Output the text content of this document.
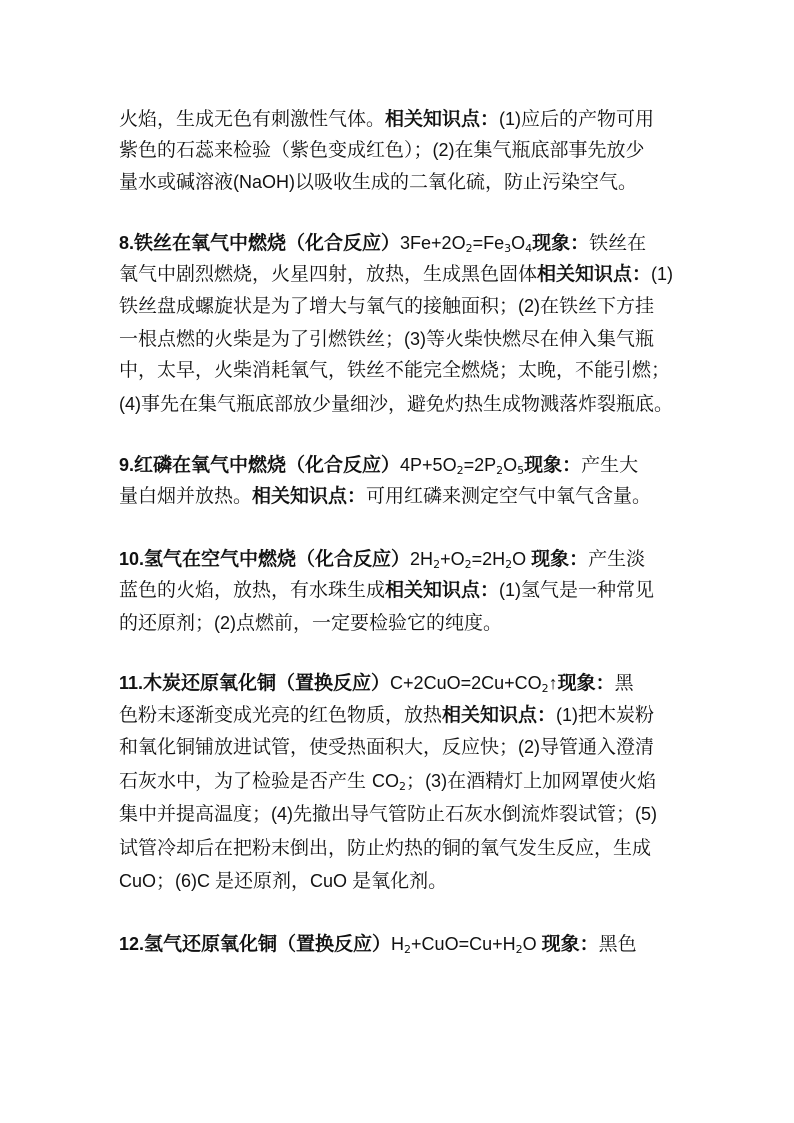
火焰，生成无色有刺激性气体。相关知识点：(1)应后的产物可用
紫色的石蕊来检验（紫色变成红色）；(2)在集气瓶底部事先放少
量水或碱溶液(NaOH)以吸收生成的二氧化硫，防止污染空气。
8.铁丝在氧气中燃烧（化合反应）$3Fe+2O_2=Fe_3O_4$现象：铁丝在
氧气中剧烈燃烧，火星四射，放热，生成黑色固体相关知识点：(1)
铁丝盘成螺旋状是为了增大与氧气的接触面积；(2)在铁丝下方挂
一根点燃的火柴是为了引燃铁丝；(3)等火柴快燃尽在伸入集气瓶
中，太早，火柴消耗氧气，铁丝不能完全燃烧；太晚，不能引燃；
(4)事先在集气瓶底部放少量细沙，避免灼热生成物溅落炸裂瓶底。
9.红磷在氧气中燃烧（化合反应）$4P+5O_2=2P_2O_5$现象：产生大
量白烟并放热。相关知识点：可用红磷来测定空气中氧气含量。
10.氢气在空气中燃烧（化合反应）$2H_2+O_2=2H_2O$ 现象：产生淡
蓝色的火焰，放热，有水珠生成相关知识点：(1)氢气是一种常见
的还原剂；(2)点燃前，一定要检验它的纯度。
11.木炭还原氧化铜（置换反应）$C+2CuO=2Cu+CO_2↑$现象：黑
色粉末逐渐变成光亮的红色物质，放热相关知识点：(1)把木炭粉
和氧化铜铺放进试管，使受热面积大，反应快；(2)导管通入澄清
石灰水中，为了检验是否产生 $CO_2$；(3)在酒精灯上加网罩使火焰
集中并提高温度；(4)先撤出导气管防止石灰水倒流炸裂试管；(5)
试管冷却后在把粉末倒出，防止灼热的铜的氧气发生反应，生成
CuO；(6)C 是还原剂，CuO 是氧化剂。
12.氢气还原氧化铜（置换反应）$H_2+CuO=Cu+H_2O$ 现象：黑色
